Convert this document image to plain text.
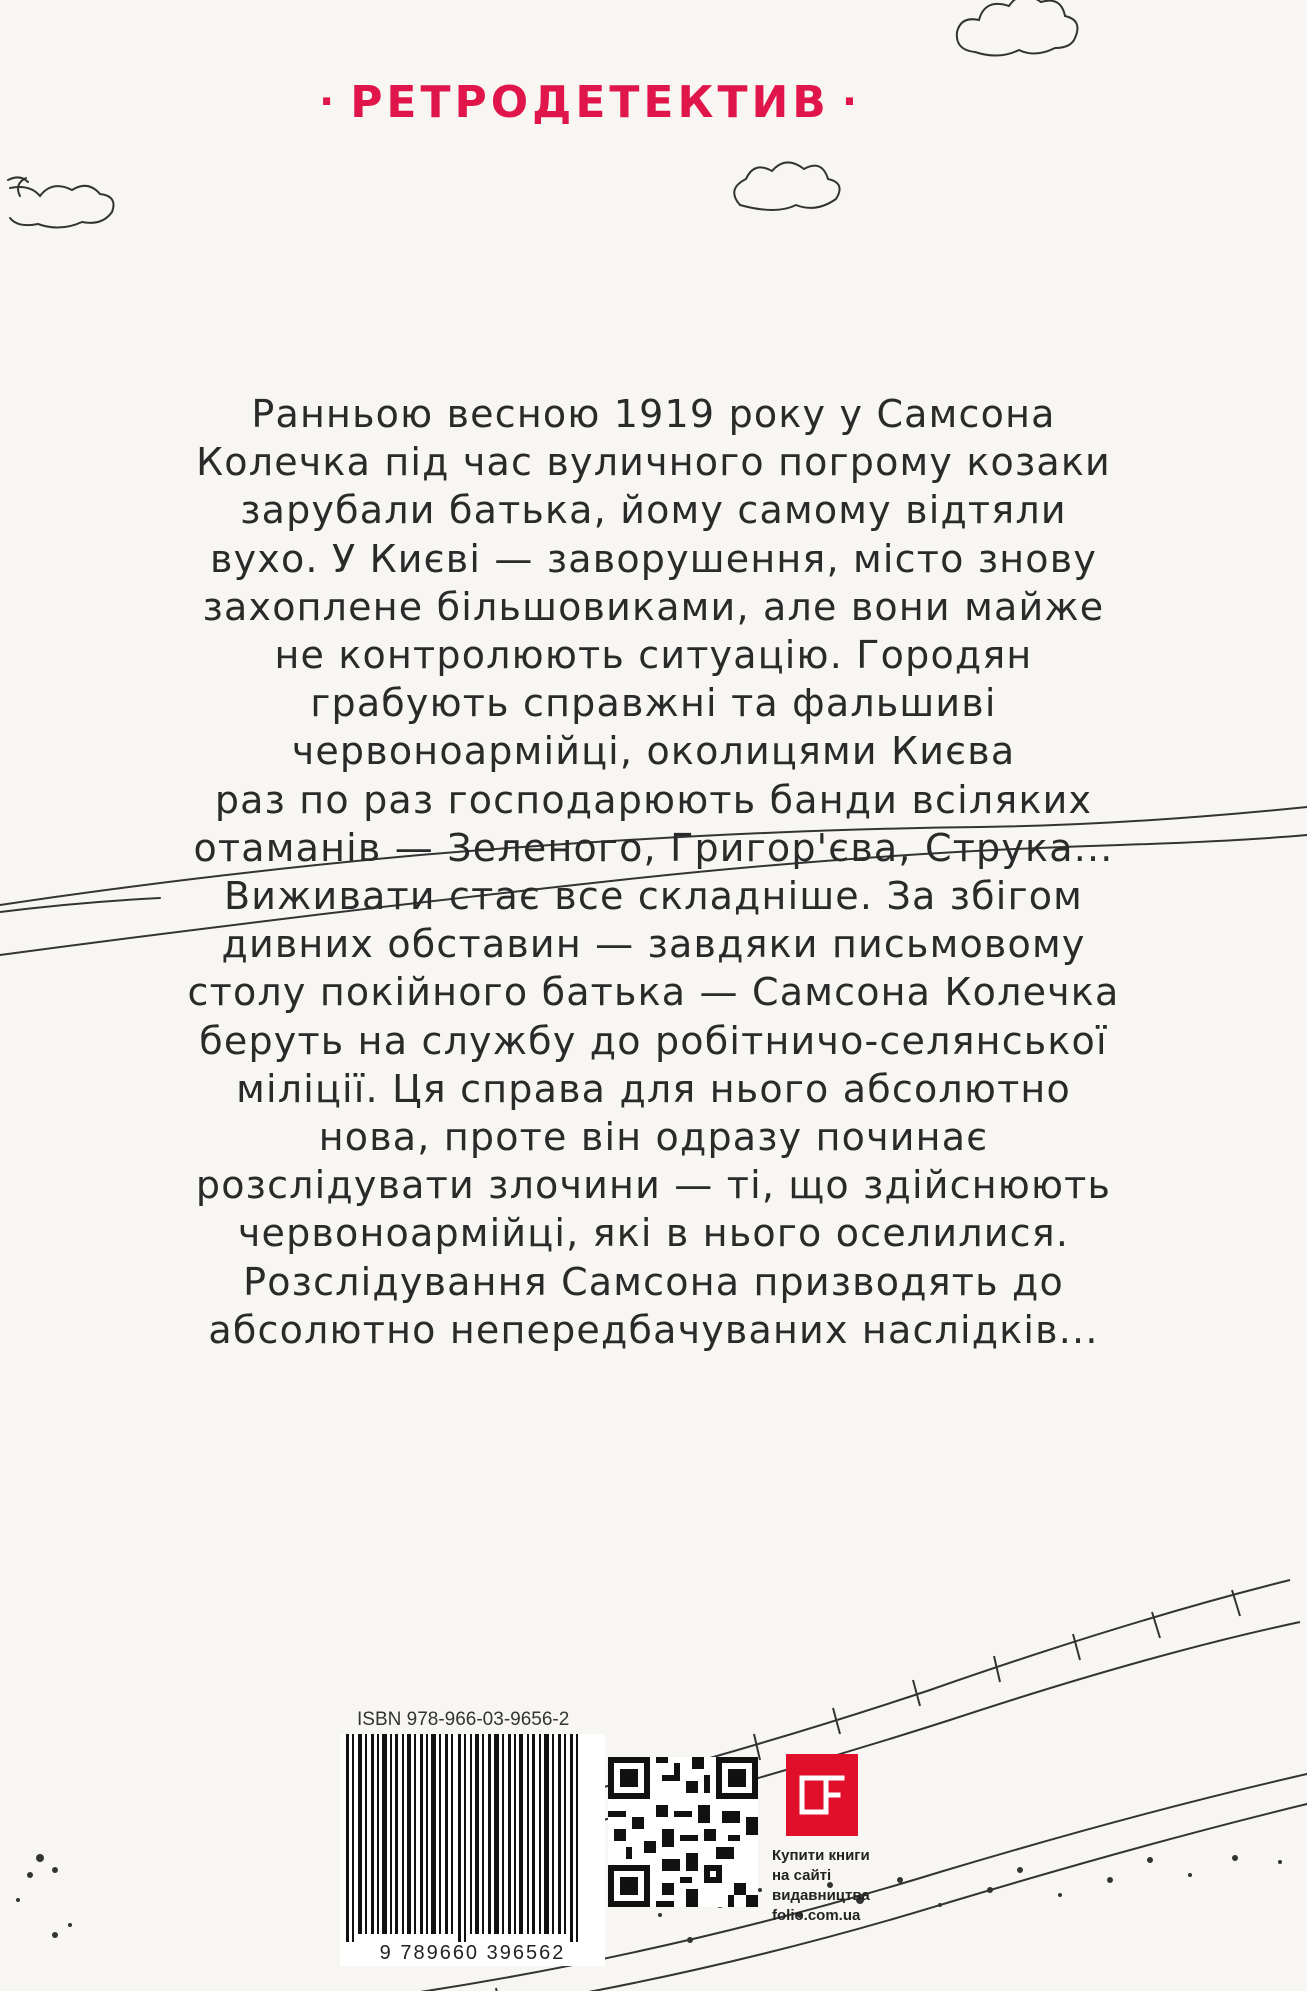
· РЕТРОДЕТЕКТИВ ·
Ранньою весною 1919 року у Самсона
Колечка під час вуличного погрому козаки
зарубали батька, йому самому відтяли
вухо. У Києві — заворушення, місто знову
захоплене більшовиками, але вони майже
не контролюють ситуацію. Городян
грабують справжні та фальшиві
червоноармійці, околицями Києва
раз по раз господарюють банди всіляких
отаманів — Зеленого, Григор'єва, Струка...
Виживати стає все складніше. За збігом
дивних обставин — завдяки письмовому
столу покійного батька — Самсона Колечка
беруть на службу до робітничо-селянської
міліції. Ця справа для нього абсолютно
нова, проте він одразу починає
розслідувати злочини — ті, що здійснюють
червоноармійці, які в нього оселилися.
Розслідування Самсона призводять до
абсолютно непередбачуваних наслідків...
ISBN 978-966-03-9656-2
9 789660 396562
Купити книги
на сайті
видавництва
folio.com.ua
